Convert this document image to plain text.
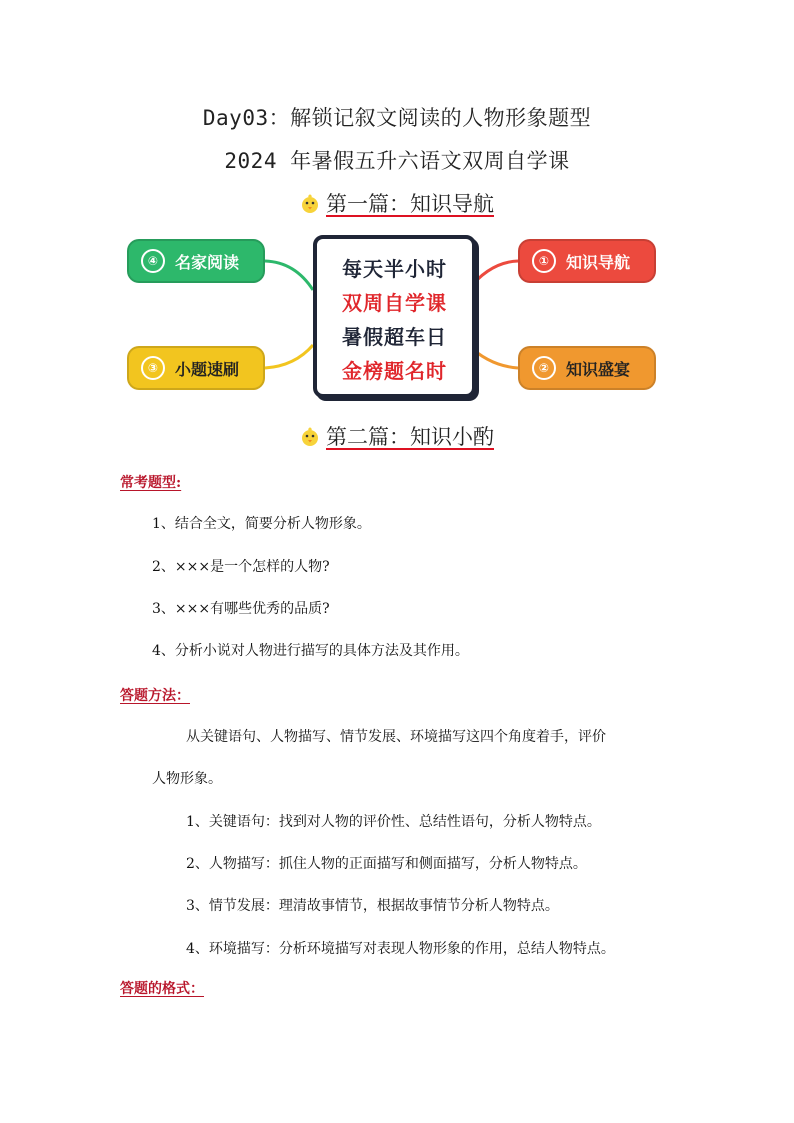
Day03：解锁记叙文阅读的人物形象题型
2024 年暑假五升六语文双周自学课
第一篇：知识导航
每天半小时
双周自学课
暑假超车日
金榜题名时
①	知识导航
②	知识盛宴
③	小题速刷
④	名家阅读
第二篇：知识小酌
常考题型:
1、结合全文，简要分析人物形象。
2、×××是一个怎样的人物?
3、×××有哪些优秀的品质?
4、分析小说对人物进行描写的具体方法及其作用。
答题方法：
从关键语句、人物描写、情节发展、环境描写这四个角度着手，评价
人物形象。
1、关键语句：找到对人物的评价性、总结性语句，分析人物特点。
2、人物描写：抓住人物的正面描写和侧面描写，分析人物特点。
3、情节发展：理清故事情节，根据故事情节分析人物特点。
4、环境描写：分析环境描写对表现人物形象的作用，总结人物特点。
答题的格式：
